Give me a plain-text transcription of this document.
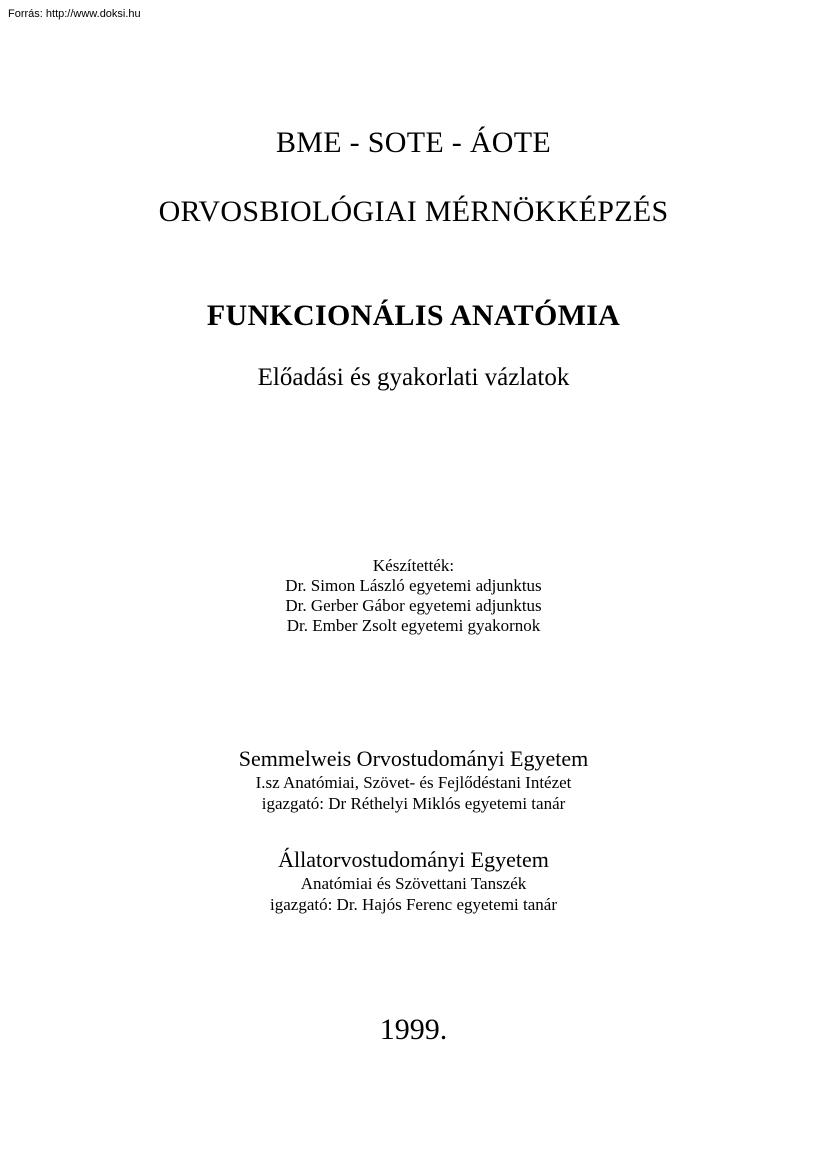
Forrás: http://www.doksi.hu
BME - SOTE - ÁOTE
ORVOSBIOLÓGIAI MÉRNÖKKÉPZÉS
FUNKCIONÁLIS ANATÓMIA
Előadási és gyakorlati vázlatok
Készítették:
Dr. Simon László egyetemi adjunktus
Dr. Gerber Gábor egyetemi adjunktus
Dr. Ember Zsolt egyetemi gyakornok
Semmelweis Orvostudományi Egyetem
I.sz Anatómiai, Szövet- és Fejlődéstani Intézet
igazgató: Dr Réthelyi Miklós egyetemi tanár
Állatorvostudományi Egyetem
Anatómiai és Szövettani Tanszék
igazgató: Dr. Hajós Ferenc egyetemi tanár
1999.
